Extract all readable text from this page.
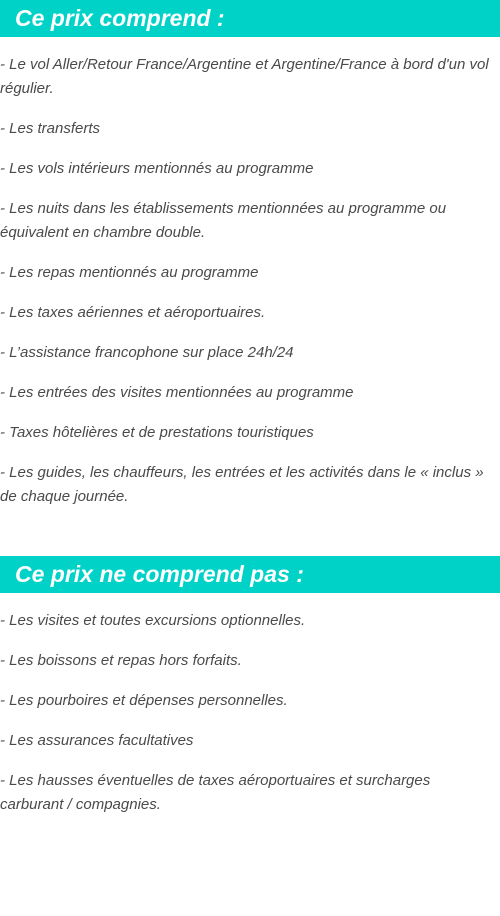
Ce prix comprend :
- Le vol Aller/Retour France/Argentine et Argentine/France à bord d'un vol régulier.
- Les transferts
- Les vols intérieurs mentionnés au programme
- Les nuits dans les établissements mentionnées au programme ou équivalent en chambre double.
- Les repas mentionnés au programme
- Les taxes aériennes et aéroportuaires.
- L’assistance francophone sur place 24h/24
- Les entrées des visites mentionnées au programme
- Taxes hôtelières et de prestations touristiques
- Les guides, les chauffeurs, les entrées et les activités dans le « inclus » de chaque journée.
Ce prix ne comprend pas :
- Les visites et toutes excursions optionnelles.
- Les boissons et repas hors forfaits.
- Les pourboires et dépenses personnelles.
- Les assurances facultatives
- Les hausses éventuelles de taxes aéroportuaires et surcharges carburant / compagnies.
